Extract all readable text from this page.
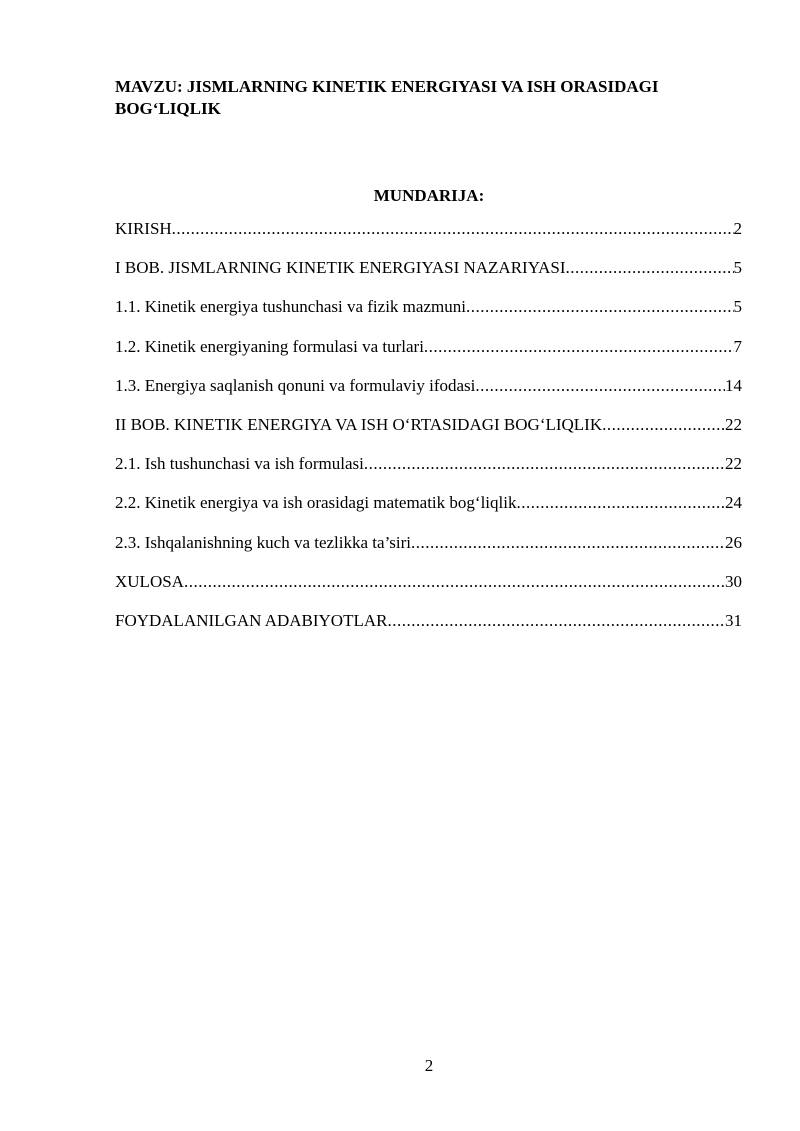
MAVZU: JISMLARNING KINETIK ENERGIYASI VA ISH ORASIDAGI BOG‘LIQLIK
MUNDARIJA:
KIRISH .....	2
I BOB. JISMLARNING KINETIK ENERGIYASI NAZARIYASI .....	5
1.1. Kinetik energiya tushunchasi va fizik mazmuni .....	5
1.2. Kinetik energiyaning formulasi va turlari .....	7
1.3. Energiya saqlanish qonuni va formulaviy ifodasi .....	14
II BOB. KINETIK ENERGIYA VA ISH O‘RTASIDAGI BOG‘LIQLIK .....	22
2.1. Ish tushunchasi va ish formulasi .....	22
2.2. Kinetik energiya va ish orasidagi matematik bog‘liqlik .....	24
2.3. Ishqalanishning kuch va tezlikka ta’siri .....	26
XULOSA .....	30
FOYDALANILGAN ADABIYOTLAR .....	31
2
